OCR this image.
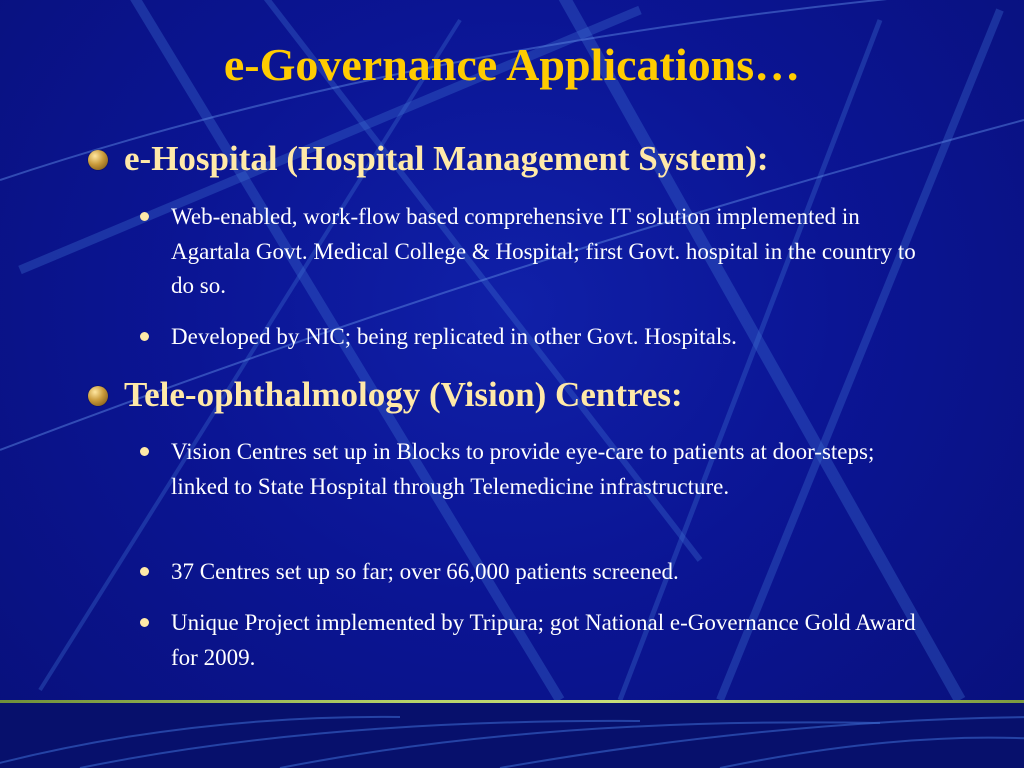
e-Governance Applications…
e-Hospital (Hospital Management System):
Web-enabled, work-flow based comprehensive IT solution implemented in Agartala Govt. Medical College & Hospital; first Govt. hospital in the country to do so.
Developed by NIC; being replicated in other Govt. Hospitals.
Tele-ophthalmology (Vision) Centres:
Vision Centres set up in Blocks to provide eye-care to patients at door-steps; linked to State Hospital through Telemedicine infrastructure.
37 Centres set up so far; over 66,000 patients screened.
Unique Project implemented by Tripura; got National e-Governance Gold Award for 2009.
